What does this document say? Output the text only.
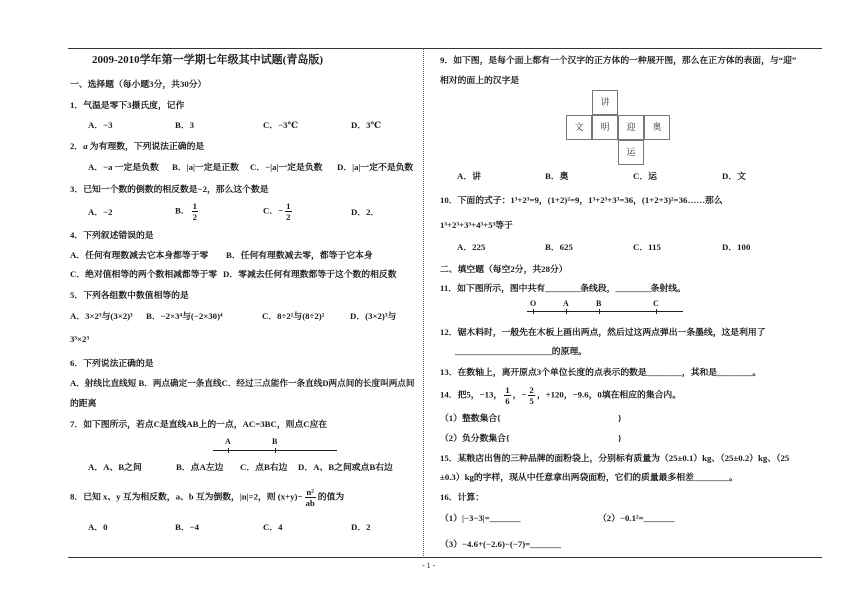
2009-2010学年第一学期七年级其中试题(青岛版)
一、选择题（每小题3分，共30分）
1．气温是零下3摄氏度，记作
A．−3	B．3	C．−3℃	D．3℃
2．a 为有理数，下列说法正确的是
A．−a 一定是负数 B．|a|一定是正数 C．−|a|一定是负数 D．|a|一定不是负数
3．已知一个数的倒数的相反数是−2，那么这个数是
A．−2	B． $\frac{1}{2}$	C．− $\frac{1}{2}$	D．2．
4．下列叙述错误的是
A．任何有理数减去它本身都等于零 B．任何有理数减去零，都等于它本身
C．绝对值相等的两个数相减都等于零 D．零减去任何有理数都等于这个数的相反数
5．下列各组数中数值相等的是
A．3×2³与(3×2)³ B．−2×3⁴与(−2×30)⁴	C．8÷2²与(8÷2)²	D．(3×2)³与
3³×2³
6．下列说法正确的是
A．射线比直线短 B．两点确定一条直线C．经过三点能作一条直线D两点间的长度叫两点间
的距离
7．如下图所示，若点C是直线AB上的一点，AC=3BC，则点C应在
A	B
A．A、B之间	B．点A左边 C．点B右边 D．A、B之间或点B右边
8．已知 x、y 互为相反数，a、b 互为倒数，|n|=2，则 $(x+y)- \frac{\text{n²}}{ab}$ 的值为
A．0	B．−4	C．4	D．2
9．如下图，是每个面上都有一个汉字的正方体的一种展开图，那么在正方体的表面，与“迎”
相对的面上的汉字是
讲
文	明	迎	奥
运
A．讲	B．奥	C．运	D．文
10．下面的式子：1³+2³=9，(1+2)²=9，1³+2³+3³=36，(1+2+3)²=36……那么
1³+2³+3³+4³+5³等于
A．225	B．625	C．115	D．100
二、填空题（每空2分，共28分）
11．如下图所示，图中共有________条线段，________条射线。
O	A	B	C
12．锯木料时，一般先在木板上画出两点，然后过这两点弹出一条墨线，这是利用了
______________________的原理。
13．在数轴上，离开原点3个单位长度的点表示的数是________，其和是________。
14．把5，−13， $\frac{1}{6}$ ，− $\frac{2}{5}$ ，+120，−9.6，0填在相应的集合内。
（1）整数集合{	}
（2）负分数集合{	}
15．某粮店出售的三种品牌的面粉袋上，分别标有质量为（25±0.1）kg、（25±0.2）kg、（25
±0.3）kg的字样，现从中任意拿出两袋面粉，它们的质量最多相差________。
16．计算：
（1）|−3−3|=_______	（2）−0.1²=_______
（3）−4.6+(−2.6)−(−7)=_______
- 1 -
